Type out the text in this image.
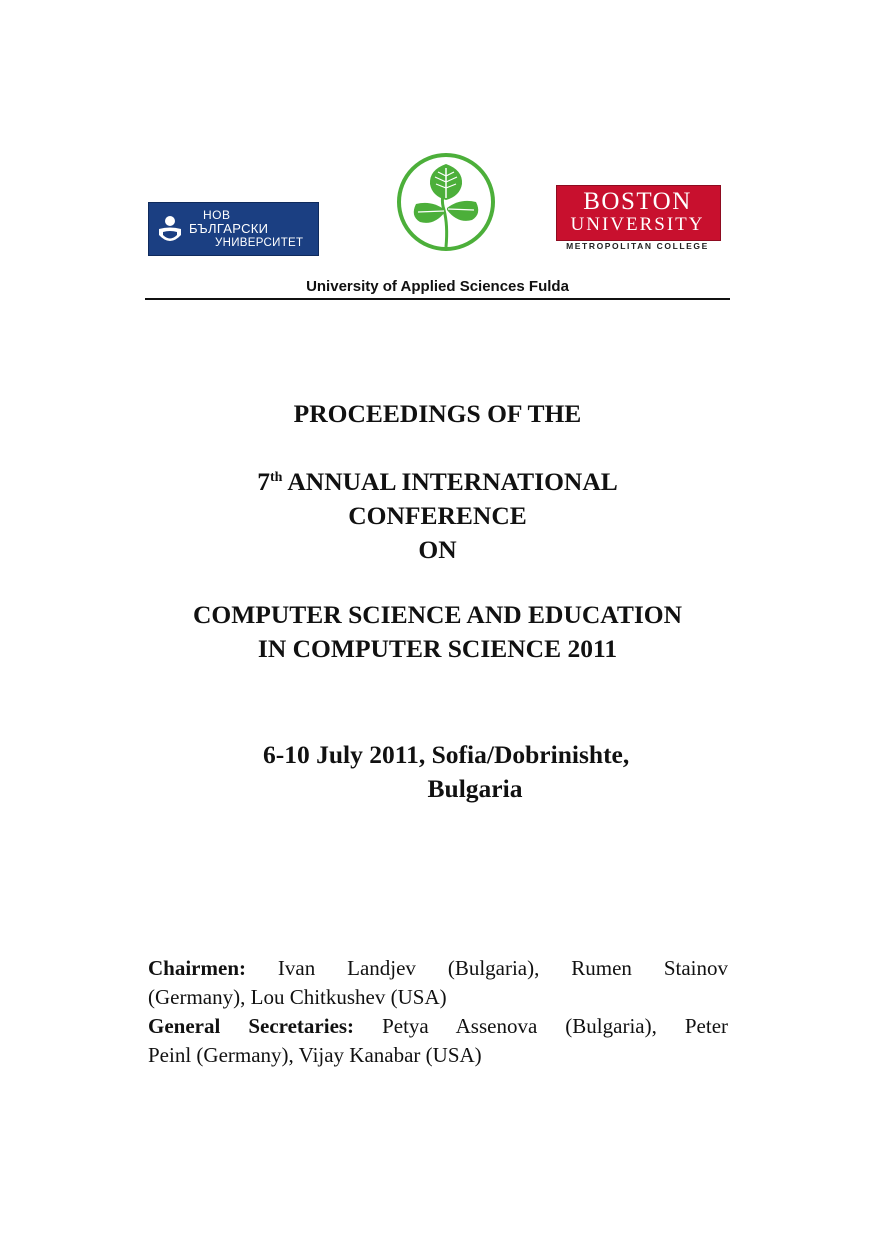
НОВ
БЪЛГАРСКИ
УНИВЕРСИТЕТ
BOSTON
UNIVERSITY
METROPOLITAN COLLEGE
University of Applied Sciences Fulda
PROCEEDINGS OF THE
7th ANNUAL INTERNATIONAL
CONFERENCE
ON
COMPUTER SCIENCE AND EDUCATION
IN COMPUTER SCIENCE 2011
6-10 July 2011, Sofia/Dobrinishte,
Bulgaria
Chairmen: Ivan Landjev (Bulgaria), Rumen Stainov
(Germany), Lou Chitkushev (USA)
General Secretaries: Petya Assenova (Bulgaria), Peter
Peinl (Germany), Vijay Kanabar (USA)
